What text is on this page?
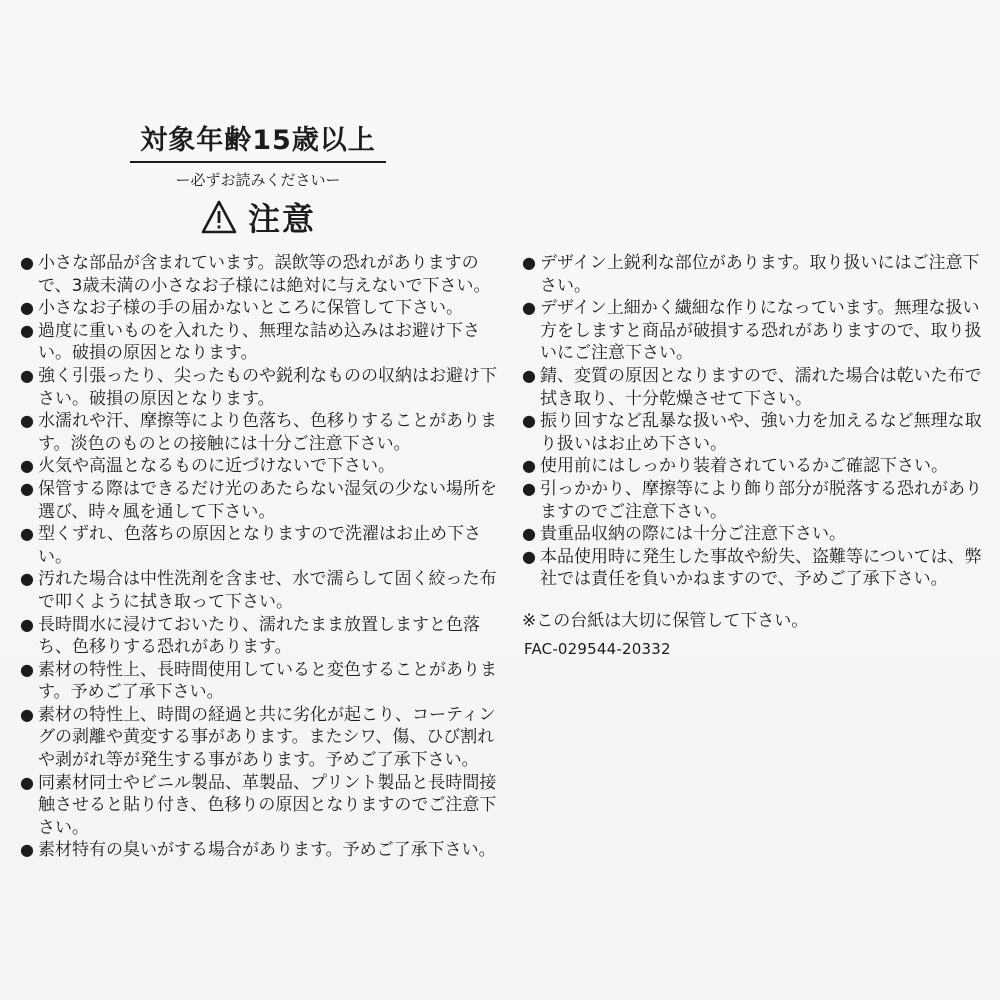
対象年齢15歳以上
ー必ずお読みくださいー
注意
● 小さな部品が含まれています。誤飲等の恐れがありますので、3歳未満の小さなお子様には絶対に与えないで下さい。
● 小さなお子様の手の届かないところに保管して下さい。
● 過度に重いものを入れたり、無理な詰め込みはお避け下さい。破損の原因となります。
● 強く引張ったり、尖ったものや鋭利なものの収納はお避け下さい。破損の原因となります。
● 水濡れや汗、摩擦等により色落ち、色移りすることがあります。淡色のものとの接触には十分ご注意下さい。
● 火気や高温となるものに近づけないで下さい。
● 保管する際はできるだけ光のあたらない湿気の少ない場所を選び、時々風を通して下さい。
● 型くずれ、色落ちの原因となりますので洗濯はお止め下さい。
● 汚れた場合は中性洗剤を含ませ、水で濡らして固く絞った布で叩くように拭き取って下さい。
● 長時間水に浸けておいたり、濡れたまま放置しますと色落ち、色移りする恐れがあります。
● 素材の特性上、長時間使用していると変色することがあります。予めご了承下さい。
● 素材の特性上、時間の経過と共に劣化が起こり、コーティングの剥離や黄変する事があります。またシワ、傷、ひび割れや剥がれ等が発生する事があります。予めご了承下さい。
● 同素材同士やビニル製品、革製品、プリント製品と長時間接触させると貼り付き、色移りの原因となりますのでご注意下さい。
● 素材特有の臭いがする場合があります。予めご了承下さい。
● デザイン上鋭利な部位があります。取り扱いにはご注意下さい。
● デザイン上細かく繊細な作りになっています。無理な扱い方をしますと商品が破損する恐れがありますので、取り扱いにご注意下さい。
● 錆、変質の原因となりますので、濡れた場合は乾いた布で拭き取り、十分乾燥させて下さい。
● 振り回すなど乱暴な扱いや、強い力を加えるなど無理な取り扱いはお止め下さい。
● 使用前にはしっかり装着されているかご確認下さい。
● 引っかかり、摩擦等により飾り部分が脱落する恐れがありますのでご注意下さい。
● 貴重品収納の際には十分ご注意下さい。
● 本品使用時に発生した事故や紛失、盗難等については、弊社では責任を負いかねますので、予めご了承下さい。
※この台紙は大切に保管して下さい。
FAC-029544-20332
